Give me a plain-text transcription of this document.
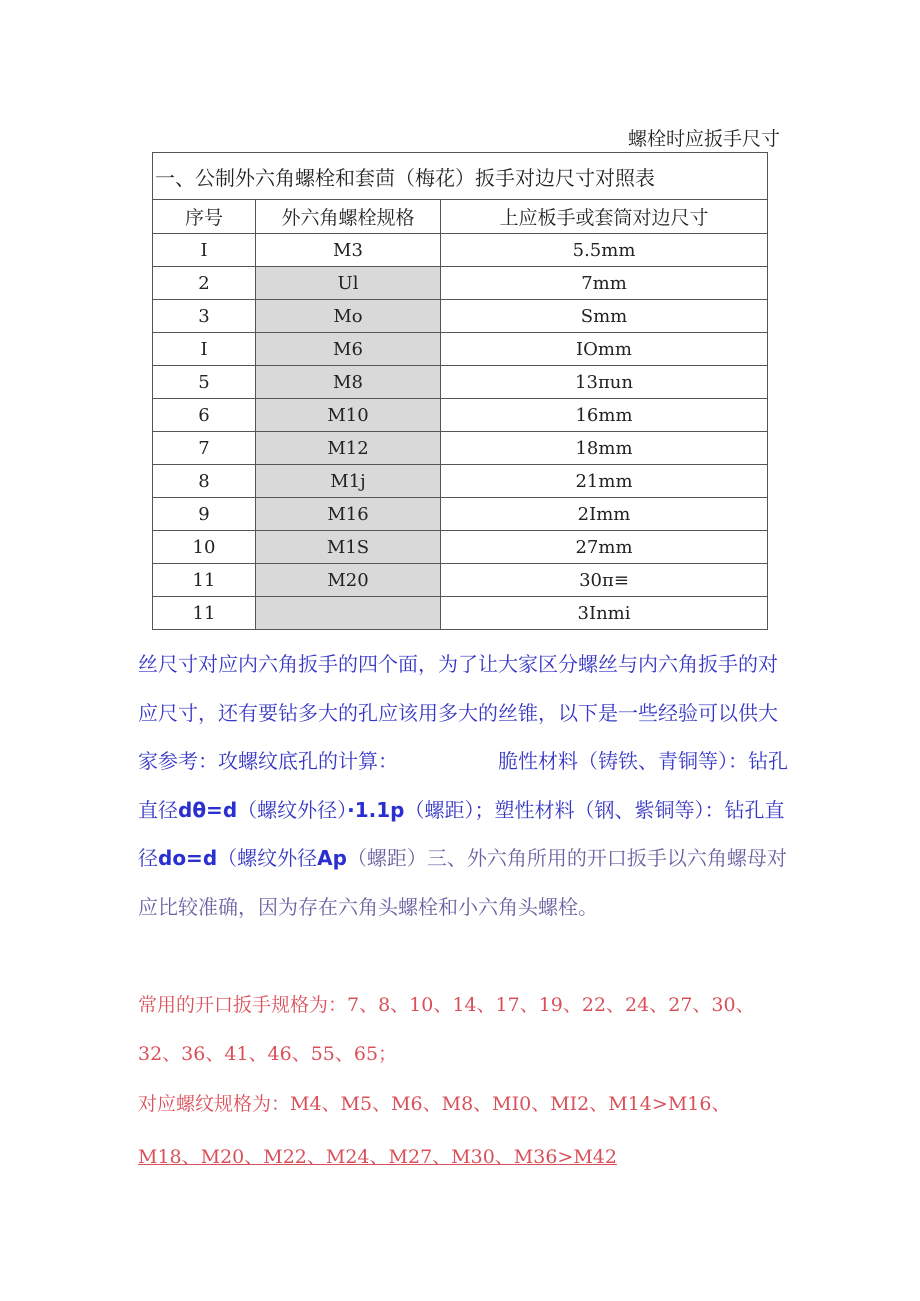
螺栓时应扳手尺寸
一、公制外六角螺栓和套茴（梅花）扳手对边尺寸对照表		
序号	外六角螺栓规格	上应板手或套筒对边尺寸
I	M3	5.5mm
2	Ul	7mm
3	Mo	Smm
I	M6	IOmm
5	M8	13πun
6	M10	16mm
7	M12	18mm
8	M1j	21mm
9	M16	2Imm
10	M1S	27mm
11	M20	30π≡
11		3Inmi

丝尺寸对应内六角扳手的四个面，为了让大家区分螺丝与内六角扳手的对应尺寸，还有要钻多大的孔应该用多大的丝锥，以下是一些经验可以供大家参考：攻螺纹底孔的计算：	脆性材料（铸铁、青铜等）：钻孔直径dθ=d（螺纹外径）·1.1p（螺距）；塑性材料（钢、紫铜等）：钻孔直径do=d（螺纹外径Ap（螺距）三、外六角所用的开口扳手以六角螺母对应比较准确，因为存在六角头螺栓和小六角头螺栓。

常用的开口扳手规格为：7、8、10、14、17、19、22、24、27、30、32、36、41、46、55、65；

对应螺纹规格为：M4、M5、M6、M8、MI0、MI2、M14>M16、

M18、M20、M22、M24、M27、M30、M36>M42
